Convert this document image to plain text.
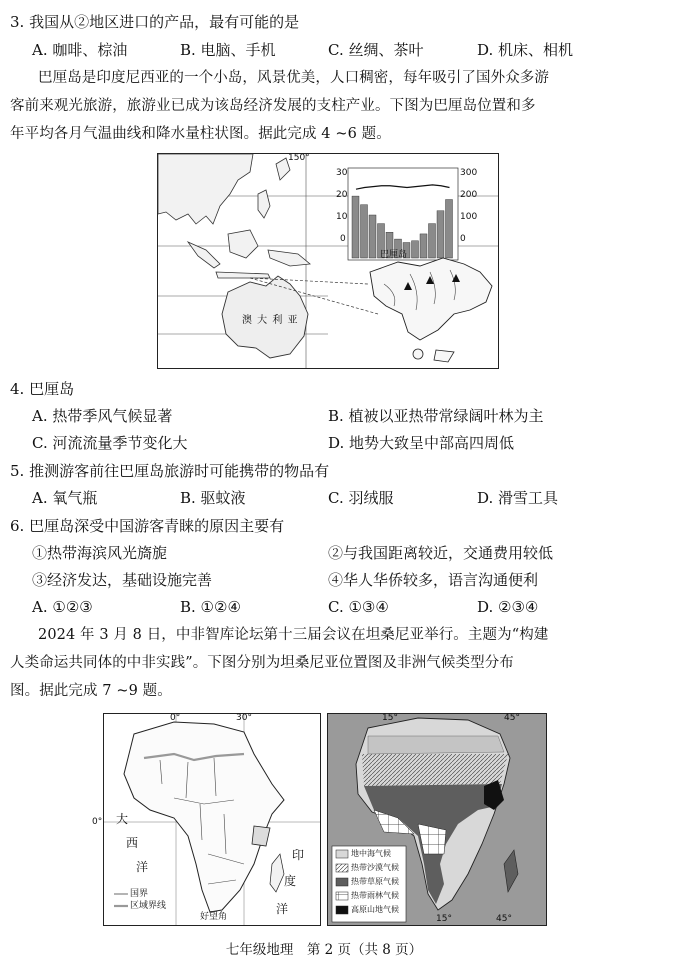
3. 我国从②地区进口的产品，最有可能的是
A. 咖啡、棕油	B. 电脑、手机	C. 丝绸、茶叶	D. 机床、相机
巴厘岛是印度尼西亚的一个小岛，风景优美，人口稠密，每年吸引了国外众多游
客前来观光旅游，旅游业已成为该岛经济发展的支柱产业。下图为巴厘岛位置和多
年平均各月气温曲线和降水量柱状图。据此完成 4 ~6 题。
150°
澳 大 利 亚
巴厘岛
30
20
10
0
300
200
100
0
4. 巴厘岛
A. 热带季风气候显著	B. 植被以亚热带常绿阔叶林为主
C. 河流流量季节变化大	D. 地势大致呈中部高四周低
5. 推测游客前往巴厘岛旅游时可能携带的物品有
A. 氧气瓶	B. 驱蚊液	C. 羽绒服	D. 滑雪工具
6. 巴厘岛深受中国游客青睐的原因主要有
①热带海滨风光旖旎	②与我国距离较近，交通费用较低
③经济发达，基础设施完善	④华人华侨较多，语言沟通便利
A. ①②③	B. ①②④	C. ①③④	D. ②③④
2024 年 3 月 8 日，中非智库论坛第十三届会议在坦桑尼亚举行。主题为“构建
人类命运共同体的中非实践”。下图分别为坦桑尼亚位置图及非洲气候类型分布
图。据此完成 7 ~9 题。
0°	30°
0° 大
西
洋
印
度
洋
国界
区域界线
好望角
15°	45°
15°	45°
地中海气候
热带沙漠气候
热带草原气候
热带雨林气候
高原山地气候
七年级地理　第 2 页（共 8 页）
